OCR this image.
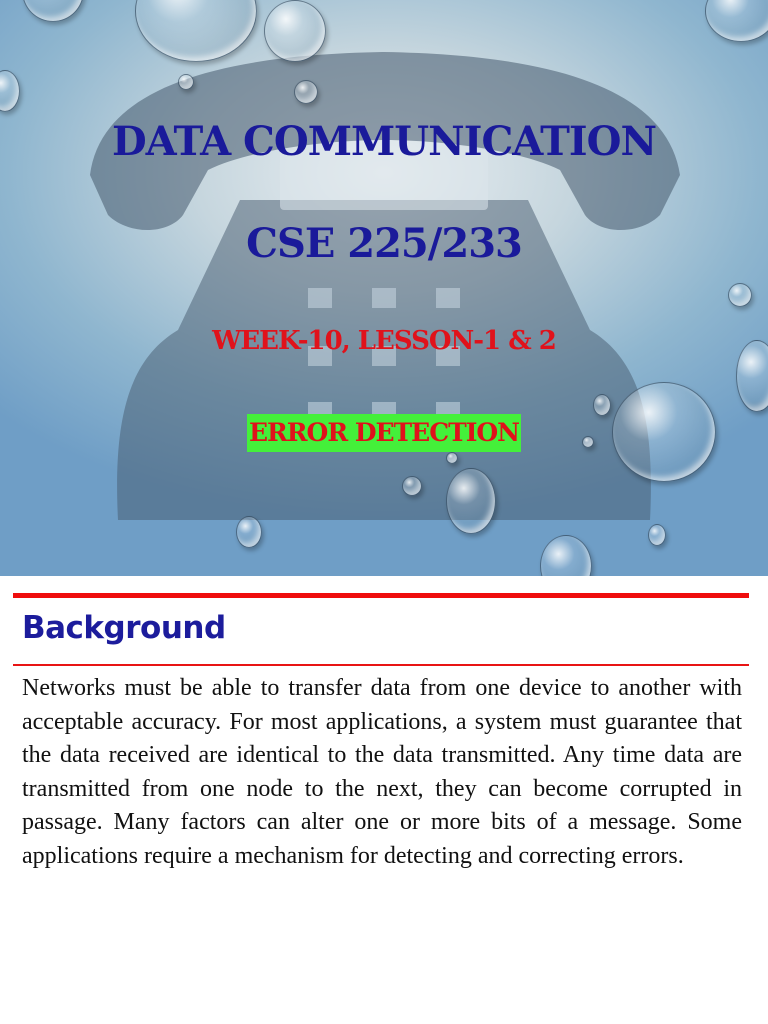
DATA COMMUNICATION
CSE 225/233
WEEK-10, LESSON-1 & 2
ERROR DETECTION
Background

Networks must be able to transfer data from one device to another with acceptable accuracy. For most applications, a system must guarantee that the data received are identical to the data transmitted. Any time data are transmitted from one node to the next, they can become corrupted in passage. Many factors can alter one or more bits of a message. Some applications require a mechanism for detecting and correcting errors.
